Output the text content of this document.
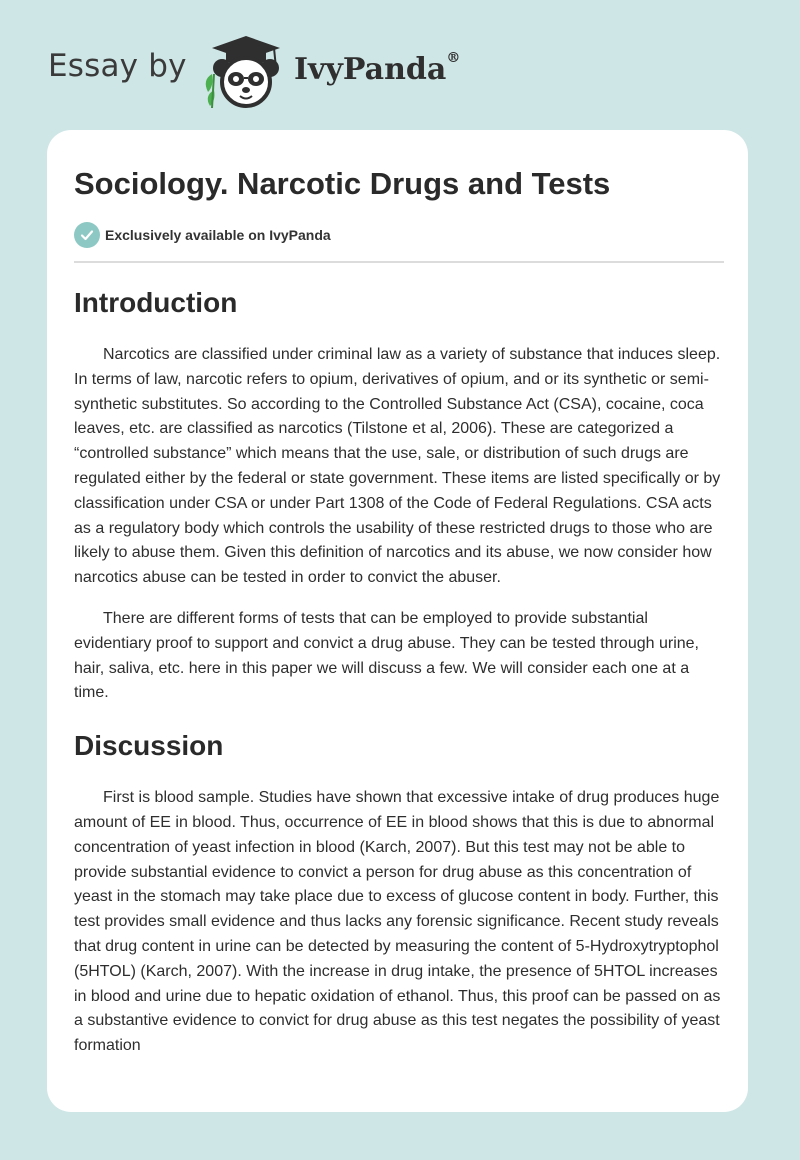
Essay by	IvyPanda®
Sociology. Narcotic Drugs and Tests
Exclusively available on IvyPanda
Introduction

Narcotics are classified under criminal law as a variety of substance that induces sleep. In terms of law, narcotic refers to opium, derivatives of opium, and or its synthetic or semi-synthetic substitutes. So according to the Controlled Substance Act (CSA), cocaine, coca leaves, etc. are classified as narcotics (Tilstone et al, 2006). These are categorized a “controlled substance” which means that the use, sale, or distribution of such drugs are regulated either by the federal or state government. These items are listed specifically or by classification under CSA or under Part 1308 of the Code of Federal Regulations. CSA acts as a regulatory body which controls the usability of these restricted drugs to those who are likely to abuse them. Given this definition of narcotics and its abuse, we now consider how narcotics abuse can be tested in order to convict the abuser.

There are different forms of tests that can be employed to provide substantial evidentiary proof to support and convict a drug abuse. They can be tested through urine, hair, saliva, etc. here in this paper we will discuss a few. We will consider each one at a time.

Discussion

First is blood sample. Studies have shown that excessive intake of drug produces huge amount of EE in blood. Thus, occurrence of EE in blood shows that this is due to abnormal concentration of yeast infection in blood (Karch, 2007). But this test may not be able to provide substantial evidence to convict a person for drug abuse as this concentration of yeast in the stomach may take place due to excess of glucose content in body. Further, this test provides small evidence and thus lacks any forensic significance. Recent study reveals that drug content in urine can be detected by measuring the content of 5-Hydroxytryptophol (5HTOL) (Karch, 2007). With the increase in drug intake, the presence of 5HTOL increases in blood and urine due to hepatic oxidation of ethanol. Thus, this proof can be passed on as a substantive evidence to convict for drug abuse as this test negates the possibility of yeast formation
